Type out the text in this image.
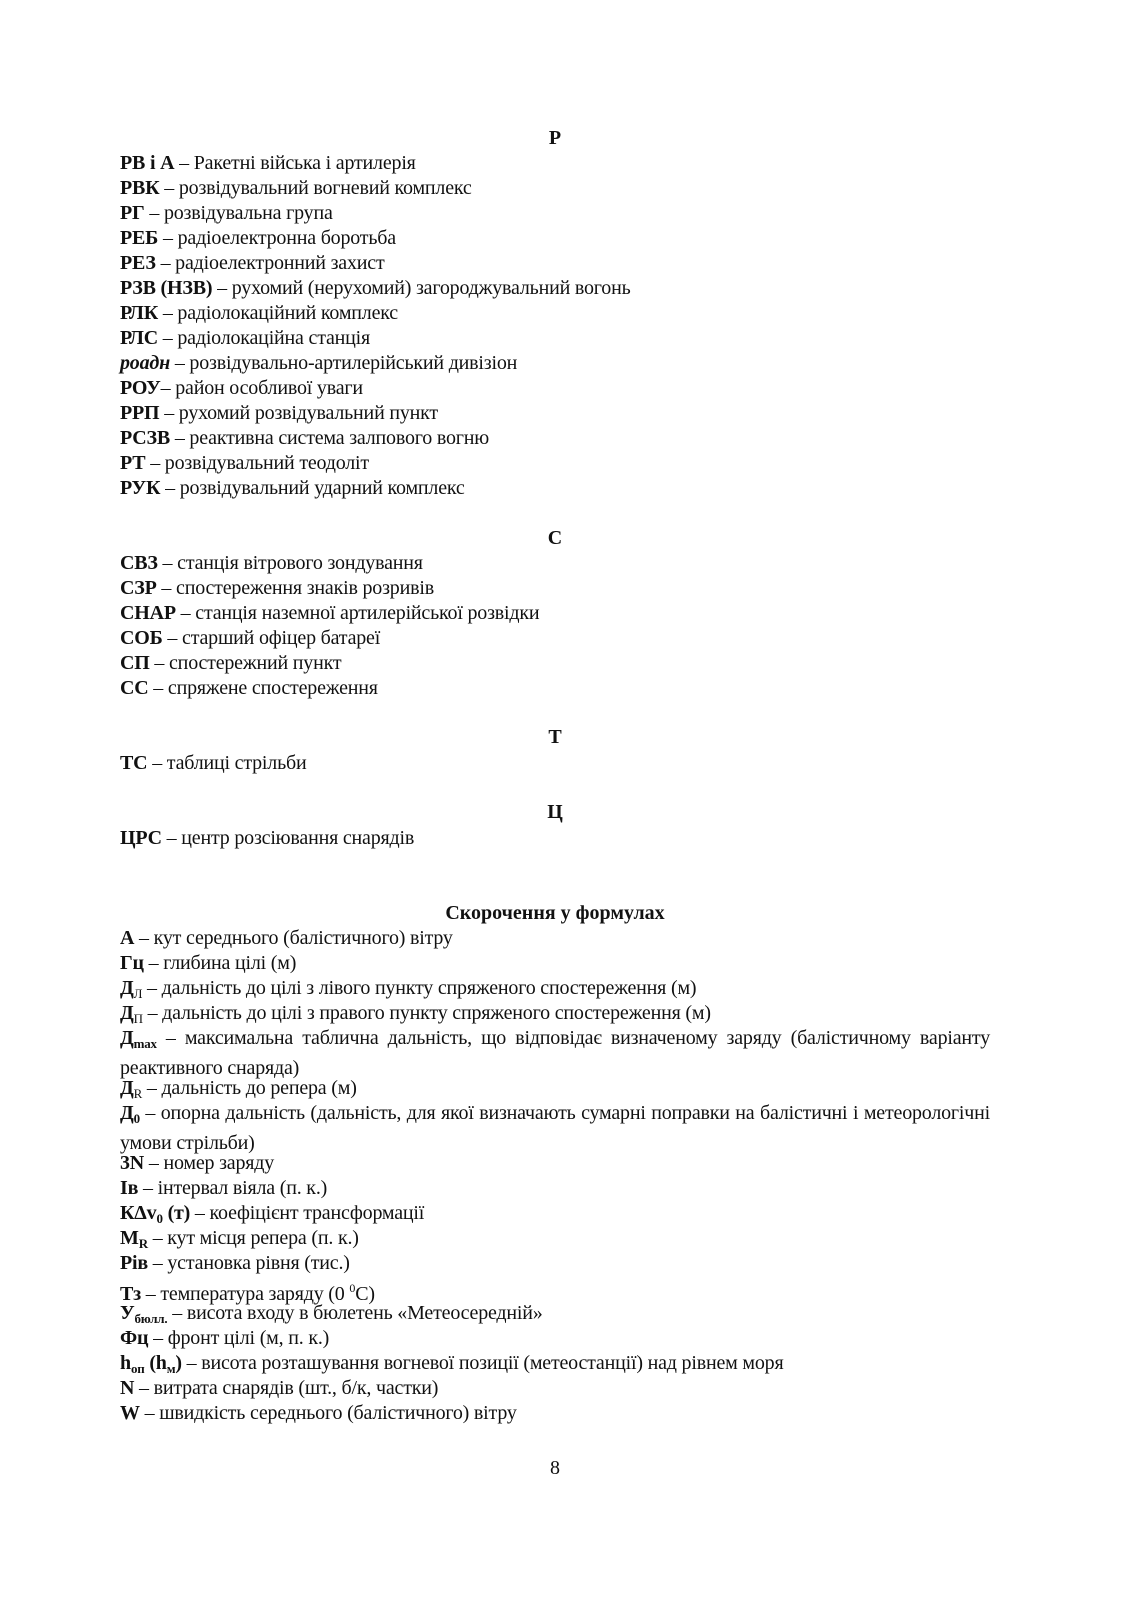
Р
РВ і А – Ракетні війська і артилерія
РВК – розвідувальний вогневий комплекс
РГ – розвідувальна група
РЕБ – радіоелектронна боротьба
РЕЗ – радіоелектронний захист
РЗВ (НЗВ) – рухомий (нерухомий) загороджувальний вогонь
РЛК – радіолокаційний комплекс
РЛС – радіолокаційна станція
роадн – розвідувально-артилерійський дивізіон
РОУ– район особливої уваги
РРП – рухомий розвідувальний пункт
РСЗВ – реактивна система залпового вогню
РТ – розвідувальний теодоліт
РУК – розвідувальний ударний комплекс
С
СВЗ – станція вітрового зондування
СЗР – спостереження знаків розривів
СНАР – станція наземної артилерійської розвідки
СОБ – старший офіцер батареї
СП – спостережний пункт
СС – спряжене спостереження
Т
ТС – таблиці стрільби
Ц
ЦРС – центр розсіювання снарядів
Скорочення у формулах
А – кут середнього (балістичного) вітру
Гц – глибина цілі (м)
$Д_Л$ – дальність до цілі з лівого пункту спряженого спостереження (м)
$Д_П$ – дальність до цілі з правого пункту спряженого спостереження (м)
$Д_{max}$ – максимальна таблична дальність, що відповідає визначеному заряду (балістичному варіанту реактивного снаряда)
$Д_R$ – дальність до репера (м)
$Д_0$ – опорна дальність (дальність, для якої визначають сумарні поправки на балістичні і метеорологічні умови стрільби)
3N – номер заряду
Ів – інтервал віяла (п. к.)
КΔv$_0$ (т) – коефіцієнт трансформації
$М_R$ – кут місця репера (п. к.)
Рів – установка рівня (тис.)
Тз – температура заряду (0 $^0$С)
$У_{бюлл.}$ – висота входу в бюлетень «Метеосередній»
Фц – фронт цілі (м, п. к.)
$h_{оп}$ $(h_м)$ – висота розташування вогневої позиції (метеостанції) над рівнем моря
N – витрата снарядів (шт., б/к, частки)
W – швидкість середнього (балістичного) вітру
8
